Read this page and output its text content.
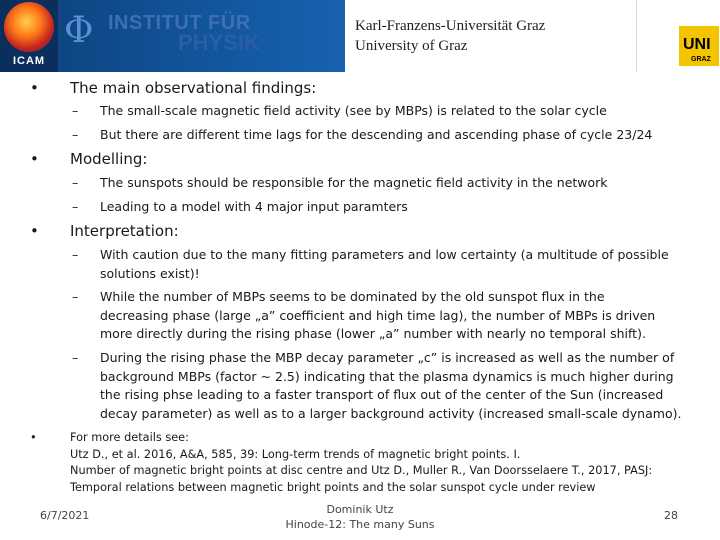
ICAM
Φ INSTITUT FÜR
PHYSIK
Karl-Franzens-Universität Graz
University of Graz	UNI
GRAZ
• The main observational findings:
– The small-scale magnetic field activity (see by MBPs) is related to the solar cycle
– But there are different time lags for the descending and ascending phase of cycle 23/24
• Modelling:
– The sunspots should be responsible for the magnetic field activity in the network
– Leading to a model with 4 major input paramters
• Interpretation:
– With caution due to the many fitting parameters and low certainty (a multitude of possible
solutions exist)!
– While the number of MBPs seems to be dominated by the old sunspot flux in the
decreasing phase (large „a” coefficient and high time lag), the number of MBPs is driven
more directly during the rising phase (lower „a” number with nearly no temporal shift).
– During the rising phase the MBP decay parameter „c” is increased as well as the number of
background MBPs (factor ~ 2.5) indicating that the plasma dynamics is much higher during
the rising phse leading to a faster transport of flux out of the center of the Sun (increased
decay parameter) as well as to a larger background activity (increased small-scale dynamo).
•	For more details see:
Utz D., et al. 2016, A&A, 585, 39: Long-term trends of magnetic bright points. I.
Number of magnetic bright points at disc centre and Utz D., Muller R., Van Doorsselaere T., 2017, PASJ:
Temporal relations between magnetic bright points and the solar sunspot cycle under review
6/7/2021	Dominik Utz
Hinode-12: The many Suns
28
